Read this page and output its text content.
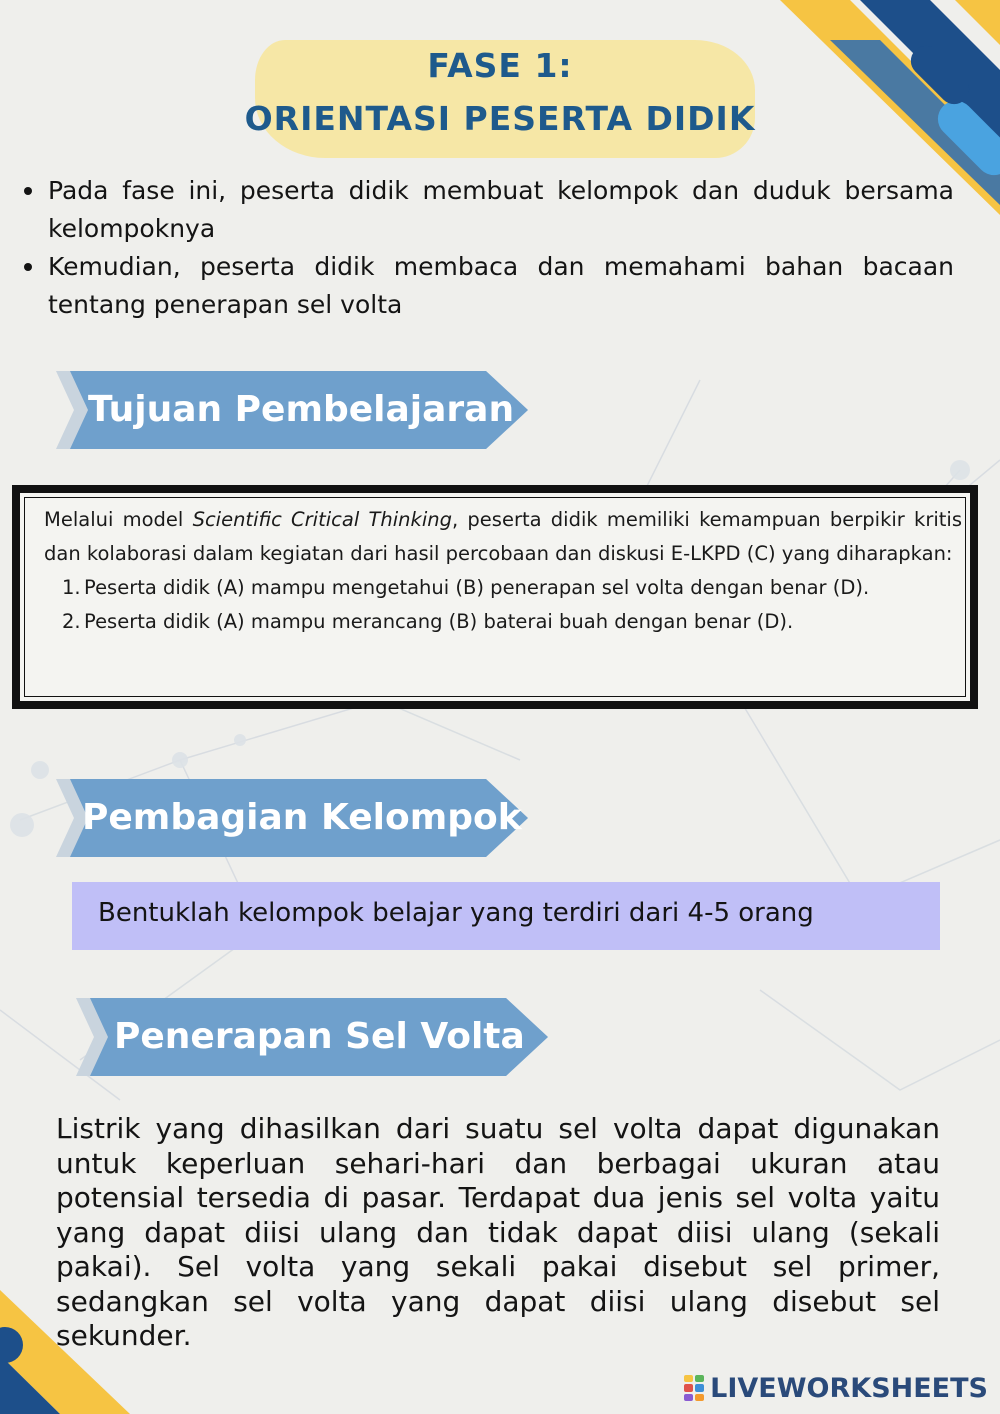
FASE 1:
ORIENTASI PESERTA DIDIK
Pada fase ini, peserta didik membuat kelompok dan duduk bersama kelompoknya
Kemudian, peserta didik membaca dan memahami bahan bacaan tentang penerapan sel volta
Tujuan Pembelajaran
Melalui model Scientific Critical Thinking, peserta didik memiliki kemampuan berpikir kritis dan kolaborasi dalam kegiatan dari hasil percobaan dan diskusi E-LKPD (C) yang diharapkan:
1. Peserta didik (A) mampu mengetahui (B) penerapan sel volta dengan benar (D).
2. Peserta didik (A) mampu merancang (B) baterai buah dengan benar (D).
Pembagian Kelompok
Bentuklah kelompok belajar yang terdiri dari 4-5 orang
Penerapan Sel Volta
Listrik yang dihasilkan dari suatu sel volta dapat digunakan untuk keperluan sehari-hari dan berbagai ukuran atau potensial tersedia di pasar. Terdapat dua jenis sel volta yaitu yang dapat diisi ulang dan tidak dapat diisi ulang (sekali pakai). Sel volta yang sekali pakai disebut sel primer, sedangkan sel volta yang dapat diisi ulang disebut sel sekunder.
LIVEWORKSHEETS
